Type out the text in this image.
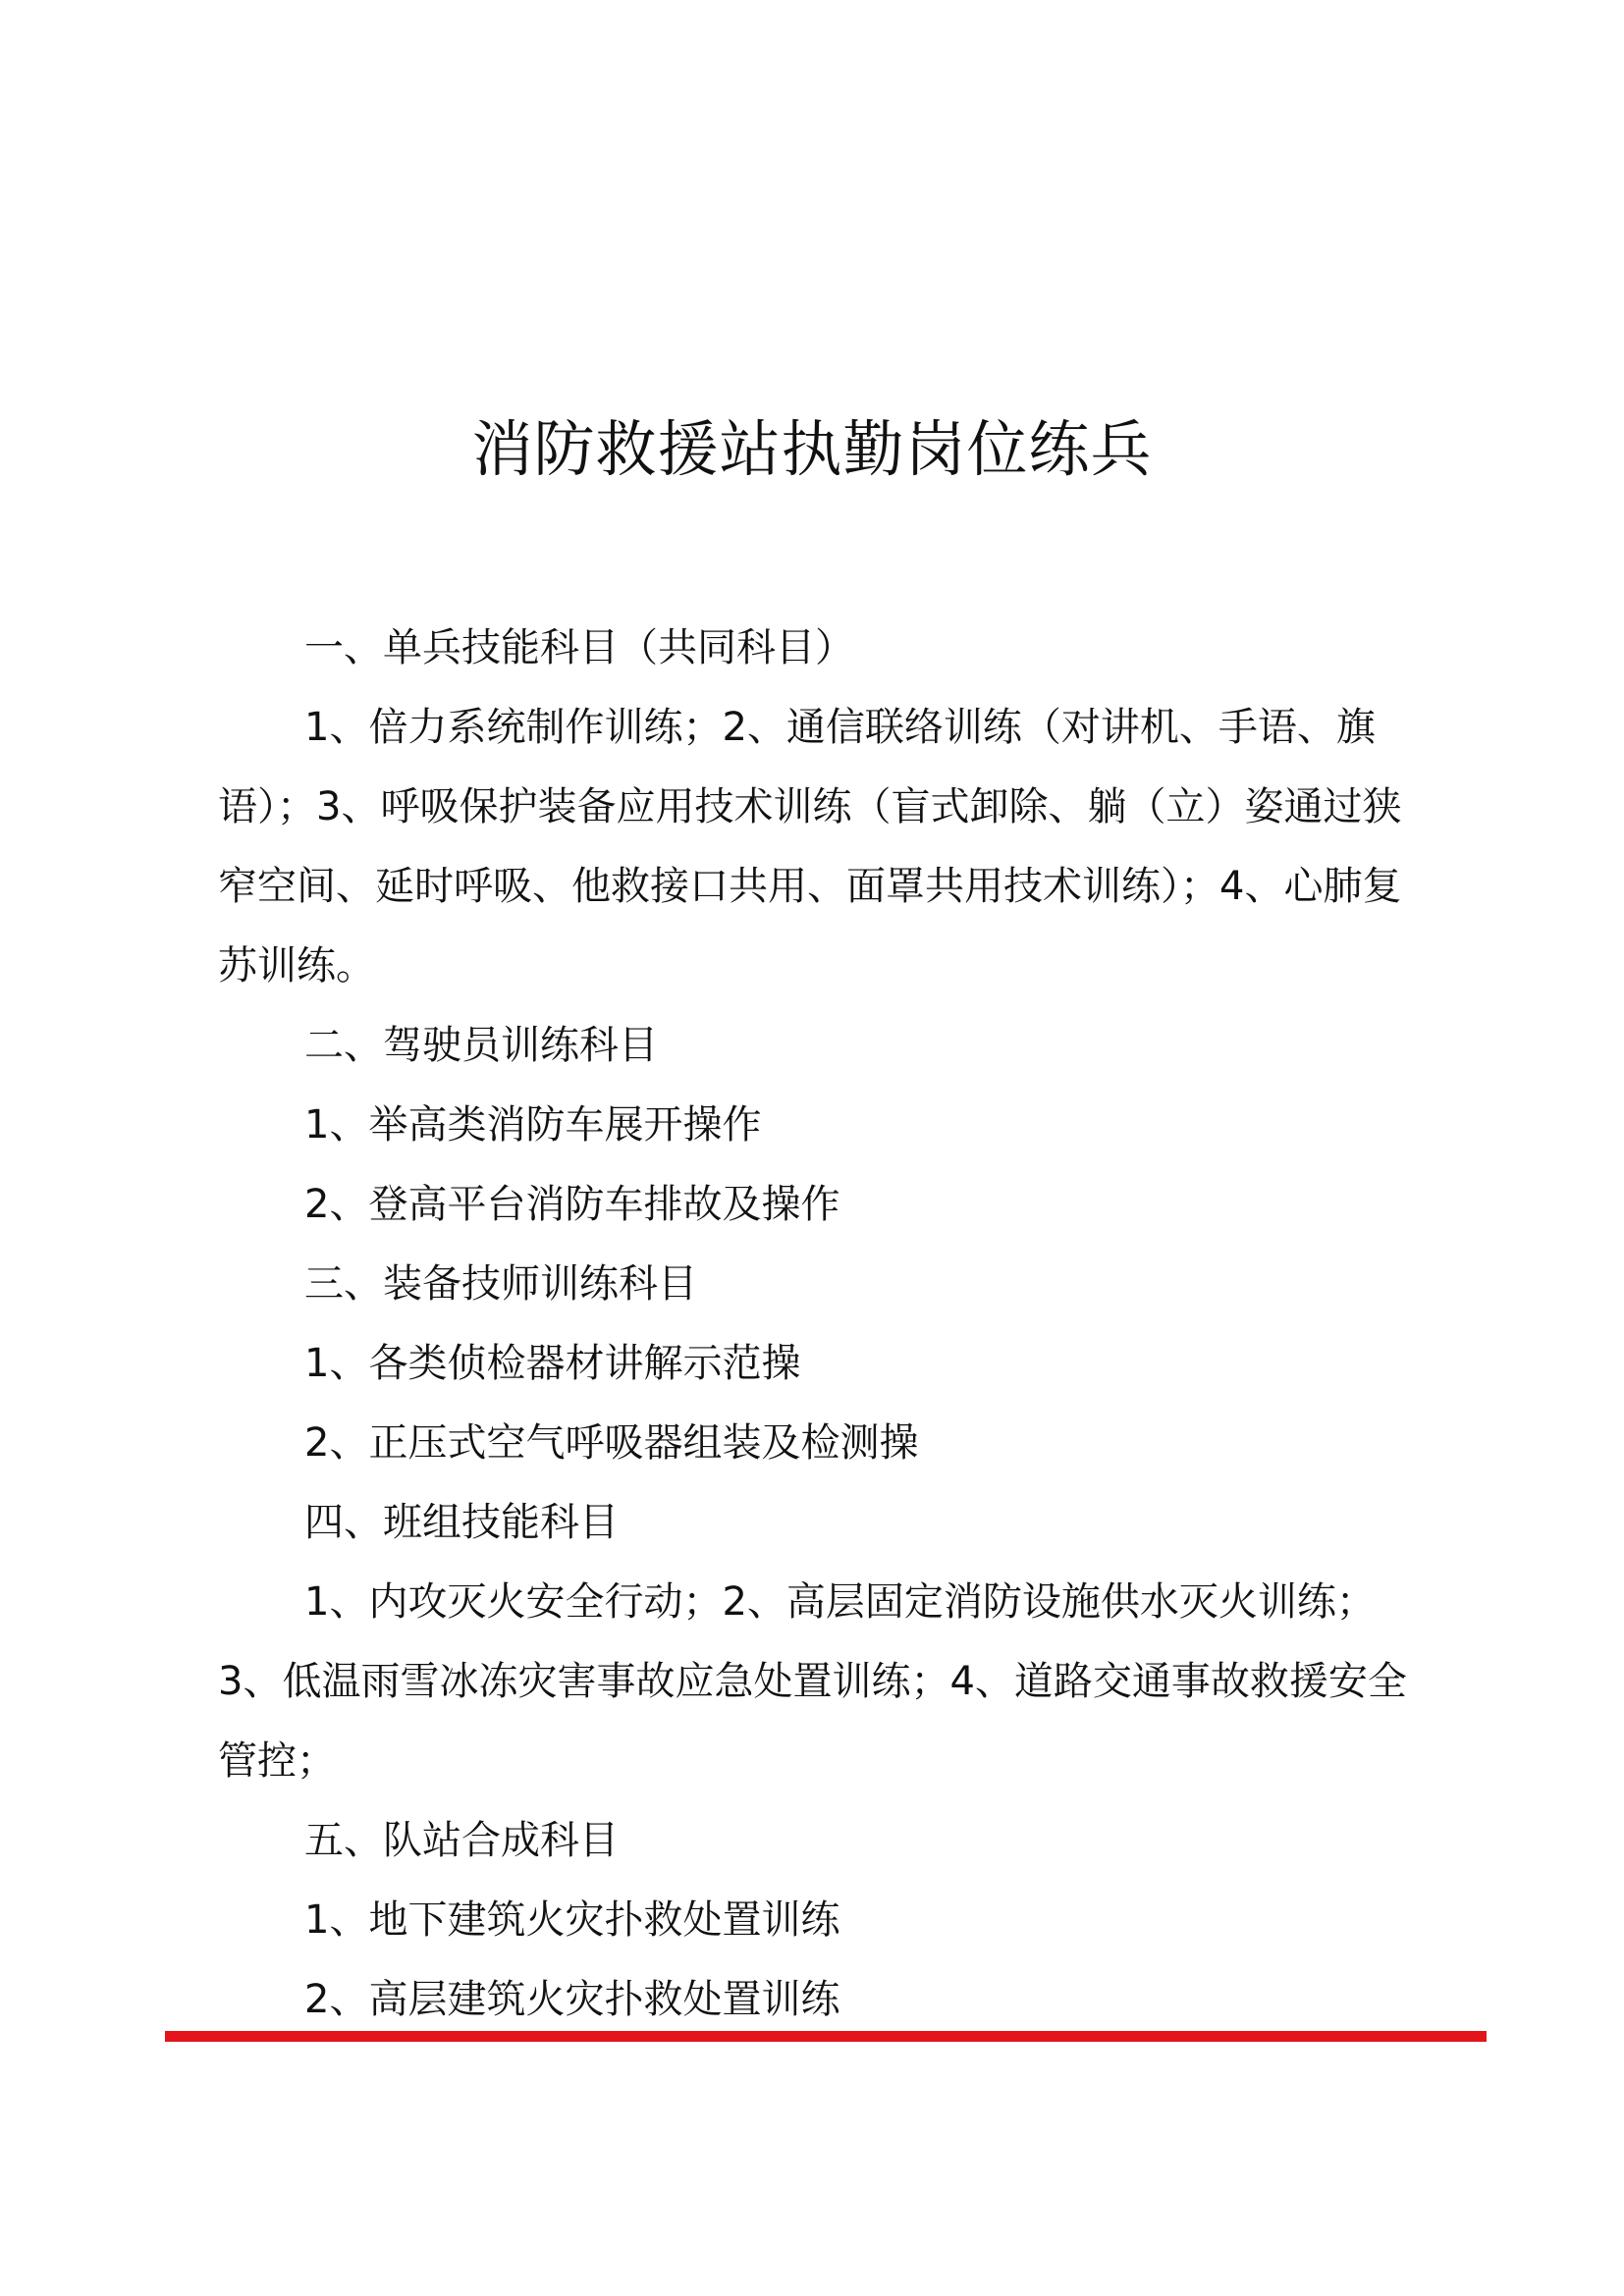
消防救援站执勤岗位练兵

一、单兵技能科目（共同科目）

1、倍力系统制作训练；2、通信联络训练（对讲机、手语、旗语）；3、呼吸保护装备应用技术训练（盲式卸除、躺（立）姿通过狭窄空间、延时呼吸、他救接口共用、面罩共用技术训练）；4、心肺复苏训练。

二、驾驶员训练科目

1、举高类消防车展开操作

2、登高平台消防车排故及操作

三、装备技师训练科目

1、各类侦检器材讲解示范操

2、正压式空气呼吸器组装及检测操

四、班组技能科目

1、内攻灭火安全行动；2、高层固定消防设施供水灭火训练；3、低温雨雪冰冻灾害事故应急处置训练；4、道路交通事故救援安全管控；

五、队站合成科目

1、地下建筑火灾扑救处置训练

2、高层建筑火灾扑救处置训练
